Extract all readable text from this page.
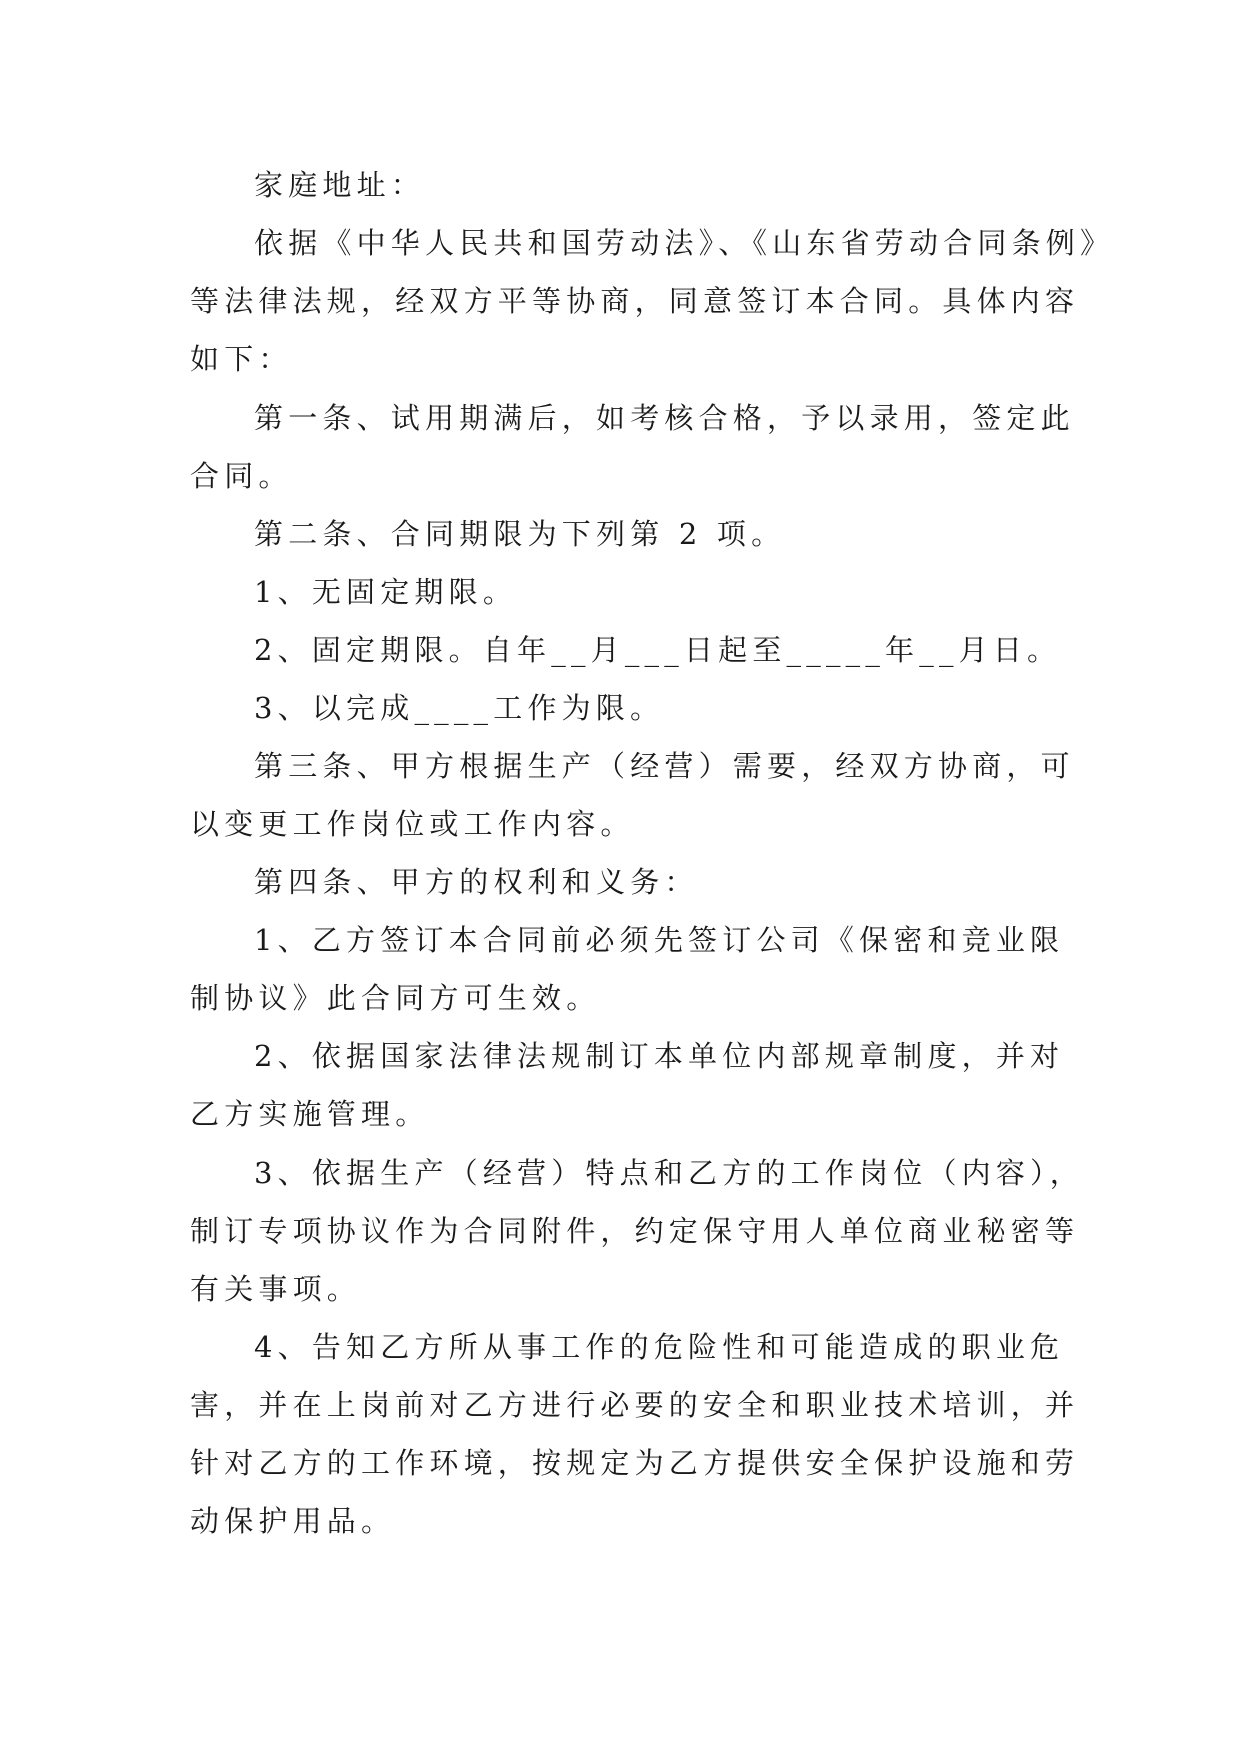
家庭地址：
依据《中华人民共和国劳动法》、《山东省劳动合同条例》
等法律法规，经双方平等协商，同意签订本合同。具体内容
如下：
第一条、试用期满后，如考核合格，予以录用，签定此
合同。
第二条、合同期限为下列第 2 项。
1、无固定期限。
2、固定期限。自年__月___日起至_____年__月日。
3、以完成____工作为限。
第三条、甲方根据生产（经营）需要，经双方协商，可
以变更工作岗位或工作内容。
第四条、甲方的权利和义务：
1、乙方签订本合同前必须先签订公司《保密和竞业限
制协议》此合同方可生效。
2、依据国家法律法规制订本单位内部规章制度，并对
乙方实施管理。
3、依据生产（经营）特点和乙方的工作岗位（内容），
制订专项协议作为合同附件，约定保守用人单位商业秘密等
有关事项。
4、告知乙方所从事工作的危险性和可能造成的职业危
害，并在上岗前对乙方进行必要的安全和职业技术培训，并
针对乙方的工作环境，按规定为乙方提供安全保护设施和劳
动保护用品。
